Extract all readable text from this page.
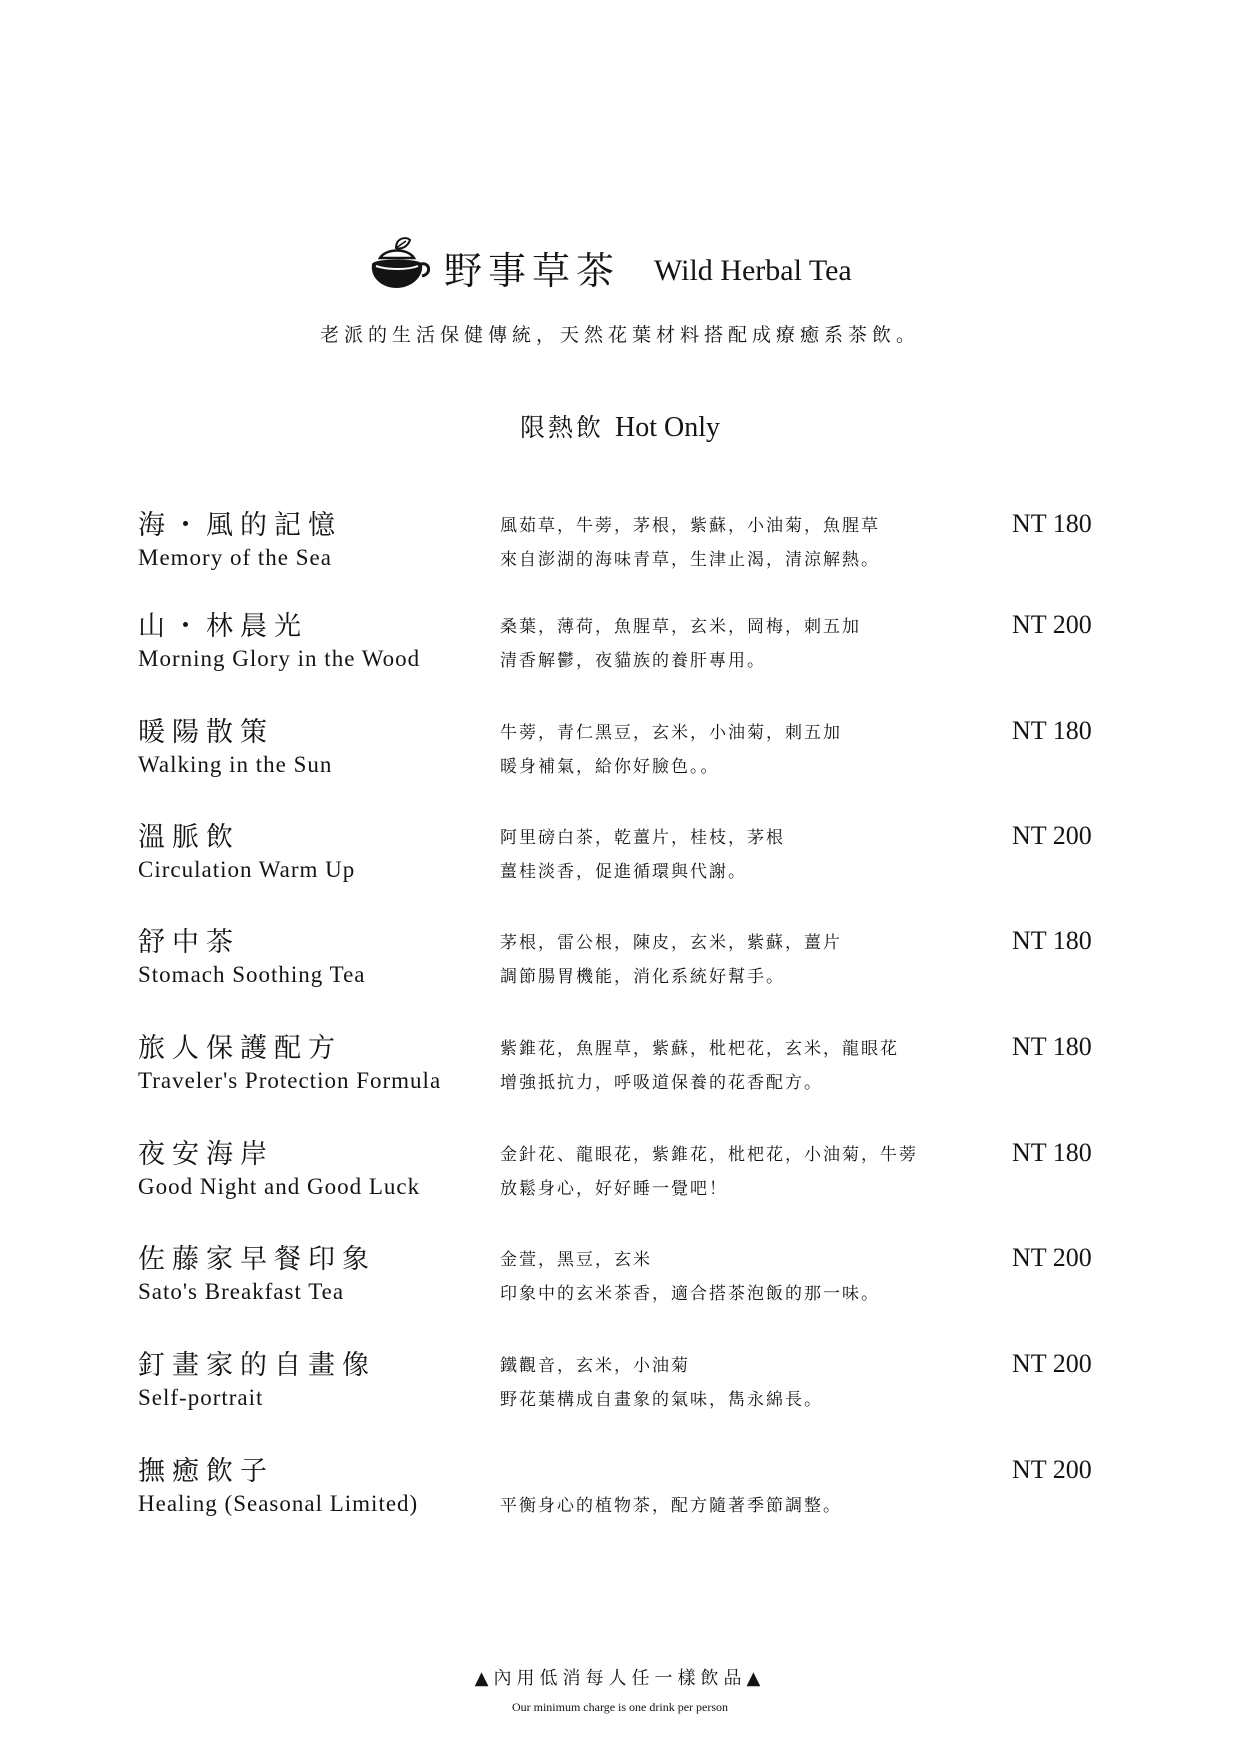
野事草茶 Wild Herbal Tea
老派的生活保健傳統，天然花葉材料搭配成療癒系茶飲。
限熱飲 Hot Only
海・風的記憶
Memory of the Sea
風茹草，牛蒡，茅根，紫蘇，小油菊，魚腥草
來自澎湖的海味青草，生津止渴，清涼解熱。
NT 180
山・林晨光
Morning Glory in the Wood
桑葉，薄荷，魚腥草，玄米，岡梅，刺五加
清香解鬱，夜貓族的養肝專用。
NT 200
暖陽散策
Walking in the Sun
牛蒡，青仁黑豆，玄米，小油菊，刺五加
暖身補氣，給你好臉色。。
NT 180
溫脈飲
Circulation Warm Up
阿里磅白茶，乾薑片，桂枝，茅根
薑桂淡香，促進循環與代謝。
NT 200
舒中茶
Stomach Soothing Tea
茅根，雷公根，陳皮，玄米，紫蘇，薑片
調節腸胃機能，消化系統好幫手。
NT 180
旅人保護配方
Traveler's Protection Formula
紫錐花，魚腥草，紫蘇，枇杷花，玄米，龍眼花
增強抵抗力，呼吸道保養的花香配方。
NT 180
夜安海岸
Good Night and Good Luck
金針花、龍眼花，紫錐花，枇杷花，小油菊，牛蒡
放鬆身心，好好睡一覺吧！
NT 180
佐藤家早餐印象
Sato's Breakfast Tea
金萱，黑豆，玄米
印象中的玄米茶香，適合搭茶泡飯的那一味。
NT 200
釘畫家的自畫像
Self-portrait
鐵觀音，玄米，小油菊
野花葉構成自畫象的氣味，雋永綿長。
NT 200
撫癒飲子
Healing (Seasonal Limited)	平衡身心的植物茶，配方隨著季節調整。
NT 200
▲內用低消每人任一樣飲品▲
Our minimum charge is one drink per person
